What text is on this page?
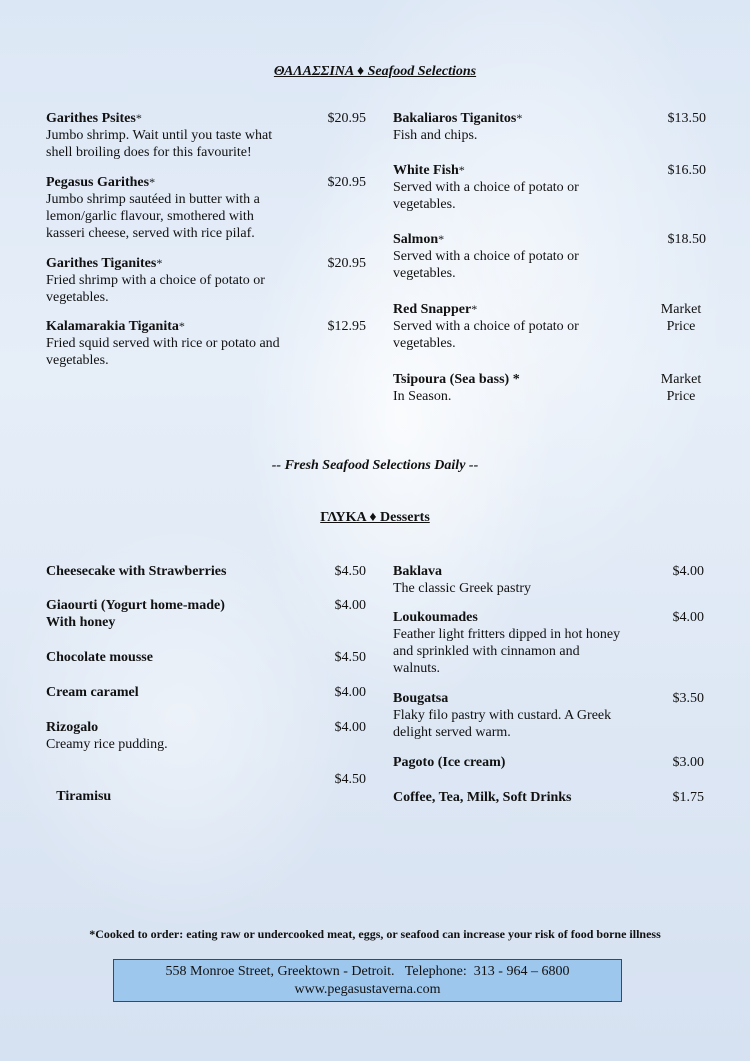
ΘΑΛΑΣΣΙΝΑ ♦ Seafood Selections
Garithes Psites*
Jumbo shrimp. Wait until you taste what
shell broiling does for this favourite!
$20.95
Pegasus Garithes*
Jumbo shrimp sautéed in butter with a
lemon/garlic flavour, smothered with
kasseri cheese, served with rice pilaf.
$20.95
Garithes Tiganites*
Fried shrimp with a choice of potato or
vegetables.
$20.95
Kalamarakia Tiganita*
Fried squid served with rice or potato and
vegetables.
$12.95
Bakaliaros Tiganitos*
Fish and chips.
$13.50
White Fish*
Served with a choice of potato or
vegetables.
$16.50
Salmon*
Served with a choice of potato or
vegetables.
$18.50
Red Snapper*
Served with a choice of potato or
vegetables.
Market
Price
Tsipoura (Sea bass) *
In Season.
Market
Price
-- Fresh Seafood Selections Daily --
ΓΛΥΚΑ ♦ Desserts
Cheesecake with Strawberries	$4.50
Giaourti (Yogurt home-made)
With honey
$4.00
Chocolate mousse	$4.50
Cream caramel	$4.00
Rizogalo
Creamy rice pudding.
$4.00

Tiramisu

$4.50
Baklava
The classic Greek pastry
$4.00
Loukoumades
Feather light fritters dipped in hot honey
and sprinkled with cinnamon and
walnuts.
$4.00
Bougatsa
Flaky filo pastry with custard. A Greek
delight served warm.
$3.50
Pagoto (Ice cream)	$3.00
Coffee, Tea, Milk, Soft Drinks	$1.75
*Cooked to order: eating raw or undercooked meat, eggs, or seafood can increase your risk of food borne illness
558 Monroe Street, Greektown - Detroit.   Telephone:  313 - 964 – 6800
www.pegasustaverna.com
